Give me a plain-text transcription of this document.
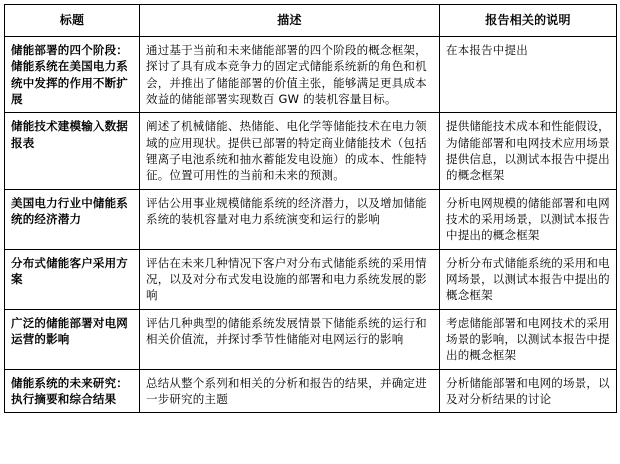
标题	描述	报告相关的说明
储能部署的四个阶段：储能系统在美国电力系统中发挥的作用不断扩展	通过基于当前和未来储能部署的四个阶段的概念框架，探讨了具有成本竞争力的固定式储能系统新的角色和机会，并推出了储能部署的价值主张，能够满足更具成本效益的储能部署实现数百 GW 的装机容量目标。	在本报告中提出
储能技术建模输入数据报表	阐述了机械储能、热储能、电化学等储能技术在电力领域的应用现状。提供已部署的特定商业储能技术（包括锂离子电池系统和抽水蓄能发电设施）的成本、性能特征。位置可用性的当前和未来的预测。	提供储能技术成本和性能假设，为储能部署和电网技术应用场景提供信息，以测试本报告中提出的概念框架
美国电力行业中储能系统的经济潜力	评估公用事业规模储能系统的经济潜力，以及增加储能系统的装机容量对电力系统演变和运行的影响	分析电网规模的储能部署和电网技术的采用场景，以测试本报告中提出的概念框架
分布式储能客户采用方案	评估在未来几种情况下客户对分布式储能系统的采用情况，以及对分布式发电设施的部署和电力系统发展的影响	分析分布式储能系统的采用和电网场景，以测试本报告中提出的概念框架
广泛的储能部署对电网运营的影响	评估几种典型的储能系统发展情景下储能系统的运行和相关价值流，并探讨季节性储能对电网运行的影响	考虑储能部署和电网技术的采用场景的影响，以测试本报告中提出的概念框架
储能系统的未来研究：执行摘要和综合结果	总结从整个系列和相关的分析和报告的结果，并确定进一步研究的主题	分析储能部署和电网的场景，以及对分析结果的讨论
